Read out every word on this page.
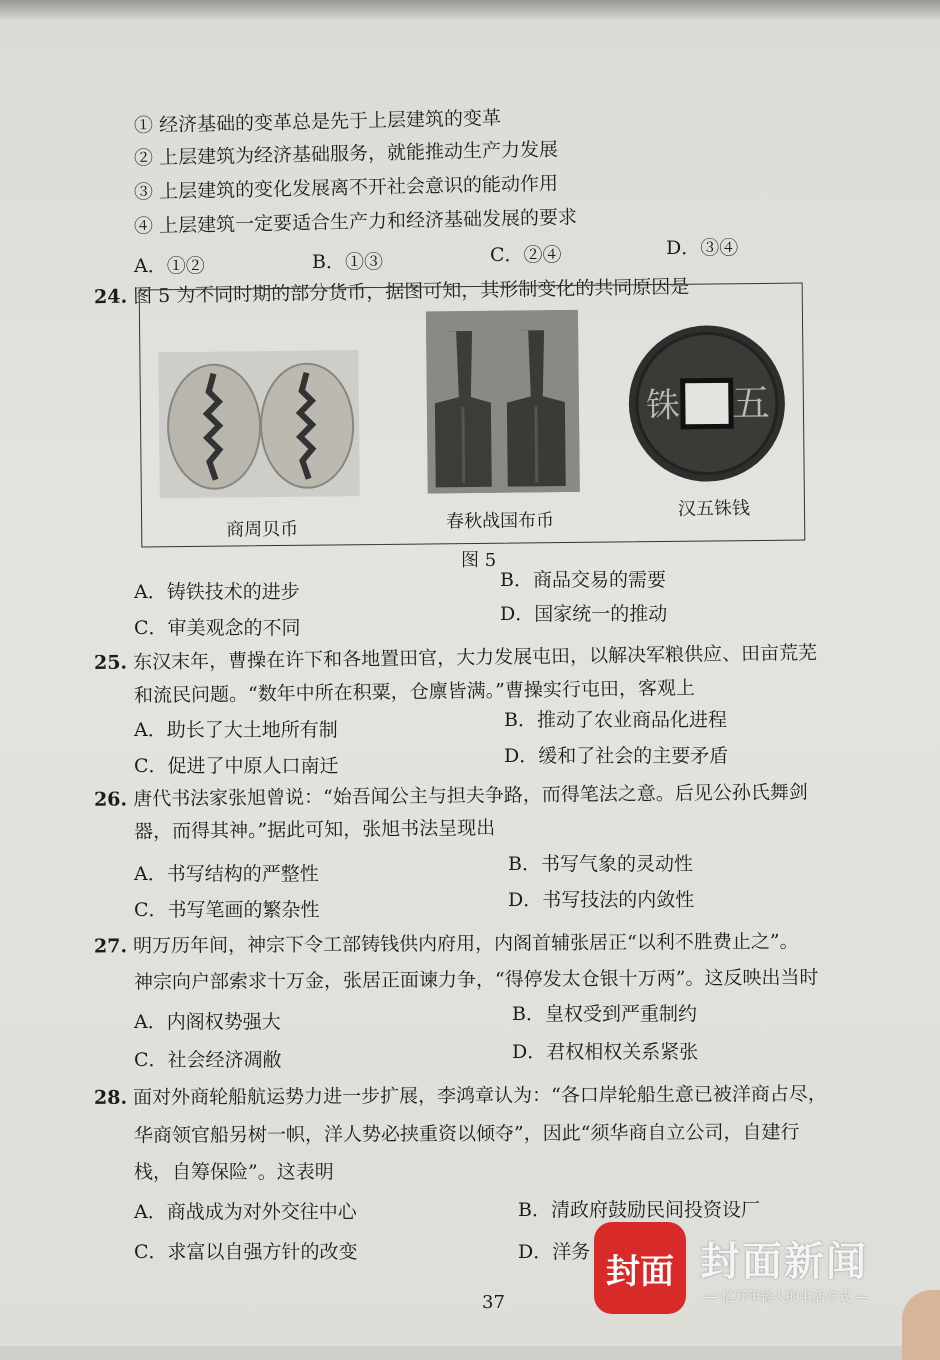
① 经济基础的变革总是先于上层建筑的变革
② 上层建筑为经济基础服务，就能推动生产力发展
③ 上层建筑的变化发展离不开社会意识的能动作用
④ 上层建筑一定要适合生产力和经济基础发展的要求
A．①②	B．①③	C．②④	D．③④
24. 图 5 为不同时期的部分货币，据图可知，其形制变化的共同原因是
商周贝币	春秋战国布币
五
铢
汉五铢钱
图 5
A．铸铁技术的进步
B．商品交易的需要
C．审美观念的不同
D．国家统一的推动
25. 东汉末年，曹操在许下和各地置田官，大力发展屯田，以解决军粮供应、田亩荒芜
和流民问题。“数年中所在积粟，仓廪皆满。”曹操实行屯田，客观上
A．助长了大土地所有制	B．推动了农业商品化进程
C．促进了中原人口南迁	D．缓和了社会的主要矛盾
26. 唐代书法家张旭曾说：“始吾闻公主与担夫争路，而得笔法之意。后见公孙氏舞剑
器，而得其神。”据此可知，张旭书法呈现出
A．书写结构的严整性	B．书写气象的灵动性
C．书写笔画的繁杂性	D．书写技法的内敛性
27. 明万历年间，神宗下令工部铸钱供内府用，内阁首辅张居正“以利不胜费止之”。
神宗向户部索求十万金，张居正面谏力争，“得停发太仓银十万两”。这反映出当时
A．内阁权势强大	B．皇权受到严重制约
C．社会经济凋敝	D．君权相权关系紧张
28. 面对外商轮船航运势力进一步扩展，李鸿章认为：“各口岸轮船生意已被洋商占尽，
华商领官船另树一帜，洋人势必挟重资以倾夺”，因此“须华商自立公司，自建行
栈，自筹保险”。这表明
A．商战成为对外交往中心	B．清政府鼓励民间投资设厂
C．求富以自强方针的改变	D．洋务
37
封面 封面新闻
— 亿万年轻人的生活方式 —
